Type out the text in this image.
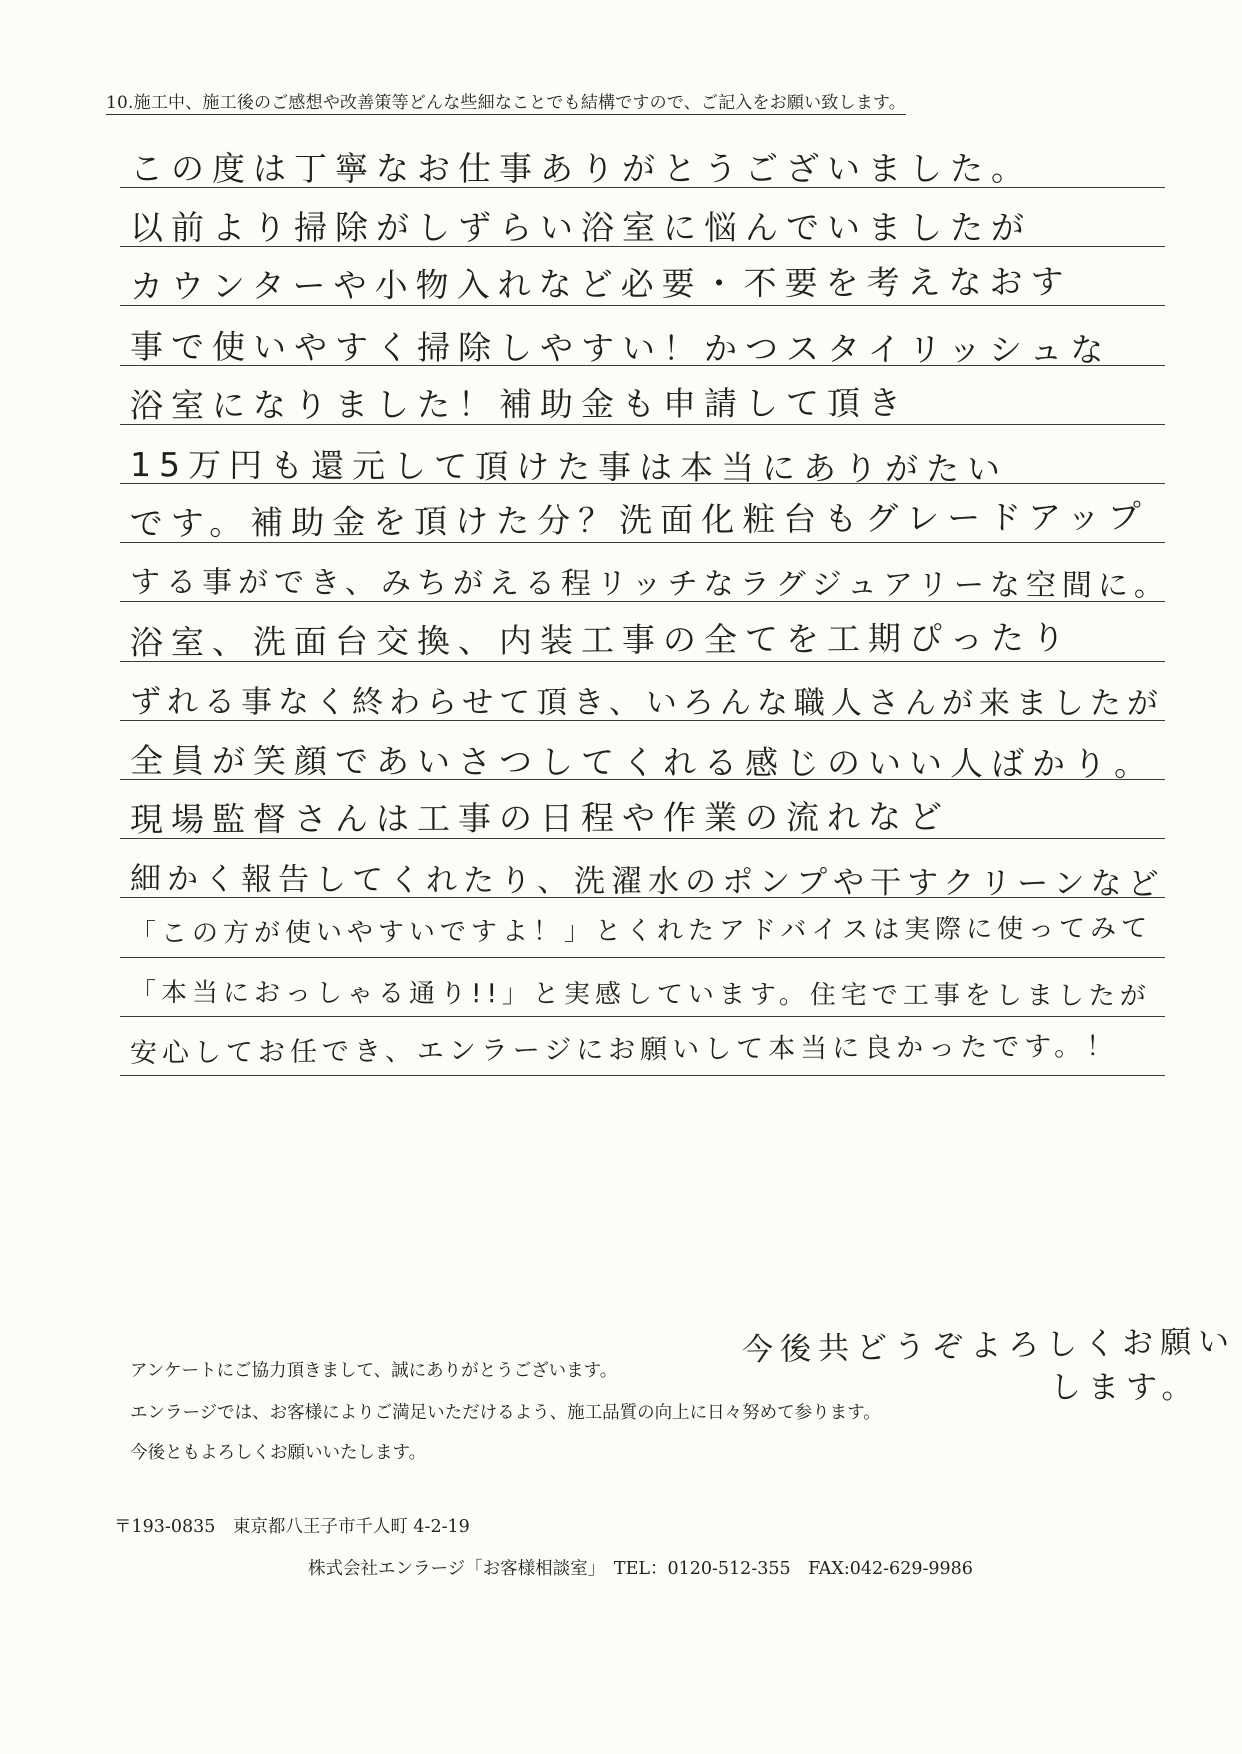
10.施工中、施工後のご感想や改善策等どんな些細なことでも結構ですので、ご記入をお願い致します。
この度は丁寧なお仕事ありがとうございました。
以前より掃除がしずらい浴室に悩んでいましたが
カウンターや小物入れなど必要・不要を考えなおす
事で使いやすく掃除しやすい！かつスタイリッシュな
浴室になりました！補助金も申請して頂き
15万円も還元して頂けた事は本当にありがたい
です。補助金を頂けた分？洗面化粧台もグレードアップ
する事ができ、みちがえる程リッチなラグジュアリーな空間に。
浴室、洗面台交換、内装工事の全てを工期ぴったり
ずれる事なく終わらせて頂き、いろんな職人さんが来ましたが
全員が笑顔であいさつしてくれる感じのいい人ばかり。
現場監督さんは工事の日程や作業の流れなど
細かく報告してくれたり、洗濯水のポンプや干すクリーンなど
「この方が使いやすいですよ！」とくれたアドバイスは実際に使ってみて
「本当におっしゃる通り!!」と実感しています。住宅で工事をしましたが
安心してお任でき、エンラージにお願いして本当に良かったです。！
今後共どうぞよろしくお願い
します。
アンケートにご協力頂きまして、誠にありがとうございます。
エンラージでは、お客様によりご満足いただけるよう、施工品質の向上に日々努めて参ります。
今後ともよろしくお願いいたします。
〒193-0835　東京都八王子市千人町 4-2-19
株式会社エンラージ「お客様相談室」　TEL：0120-512-355　FAX:042-629-9986
